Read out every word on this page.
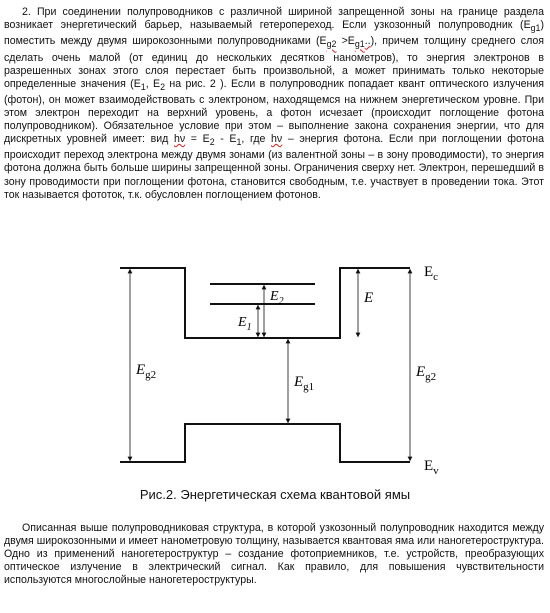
2. При соединении полупроводников с различной шириной запрещенной зоны на границе раздела возникает энергетический барьер, называемый гетеропереход. Если узкозонный полупроводник $(E_{g1})$ поместить между двумя широкозонными полупроводниками $(E_{g2} >E_{g1}..)$, причем толщину среднего слоя сделать очень малой (от единиц до нескольких десятков нанометров), то энергия электронов в разрешенных зонах этого слоя перестает быть произвольной, а может принимать только некоторые определенные значения ($E_1$, $E_2$ на рис. 2 ). Если в полупроводник попадает квант оптического излучения (фотон), он может взаимодействовать с электроном, находящемся на нижнем энергетическом уровне. При этом электрон переходит на верхний уровень, а фотон исчезает (происходит поглощение фотона полупроводником). Обязательное условие при этом – выполнение закона сохранения энергии, что для дискретных уровней имеет: вид $h\nu = E_2 - E_1$, где hν – энергия фотона. Если при поглощении фотона происходит переход электрона между двумя зонами (из валентной зоны – в зону проводимости), то энергия фотона должна быть больше ширины запрещенной зоны. Ограничения сверху нет. Электрон, перешедший в зону проводимости при поглощении фотона, становится свободным, т.е. участвует в проведении тока. Этот ток называется фототок, т.к. обусловлен поглощением фотонов.

$E_c$
$E_v$
E
$E_1$
$E_2$
$E_{g2}$	$E_{g1}$
$E_{g2}$
Рис.2. Энергетическая схема квантовой ямы

Описанная выше полупроводниковая структура, в которой узкозонный полупроводник находится между двумя широкозонными и имеет нанометровую толщину, называется квантовая яма или наногетероструктура. Одно из применений наногетероструктур – создание фотоприемников, т.е. устройств, преобразующих оптическое излучение в электрический сигнал. Как правило, для повышения чувствительности используются многослойные наногетероструктуры.
